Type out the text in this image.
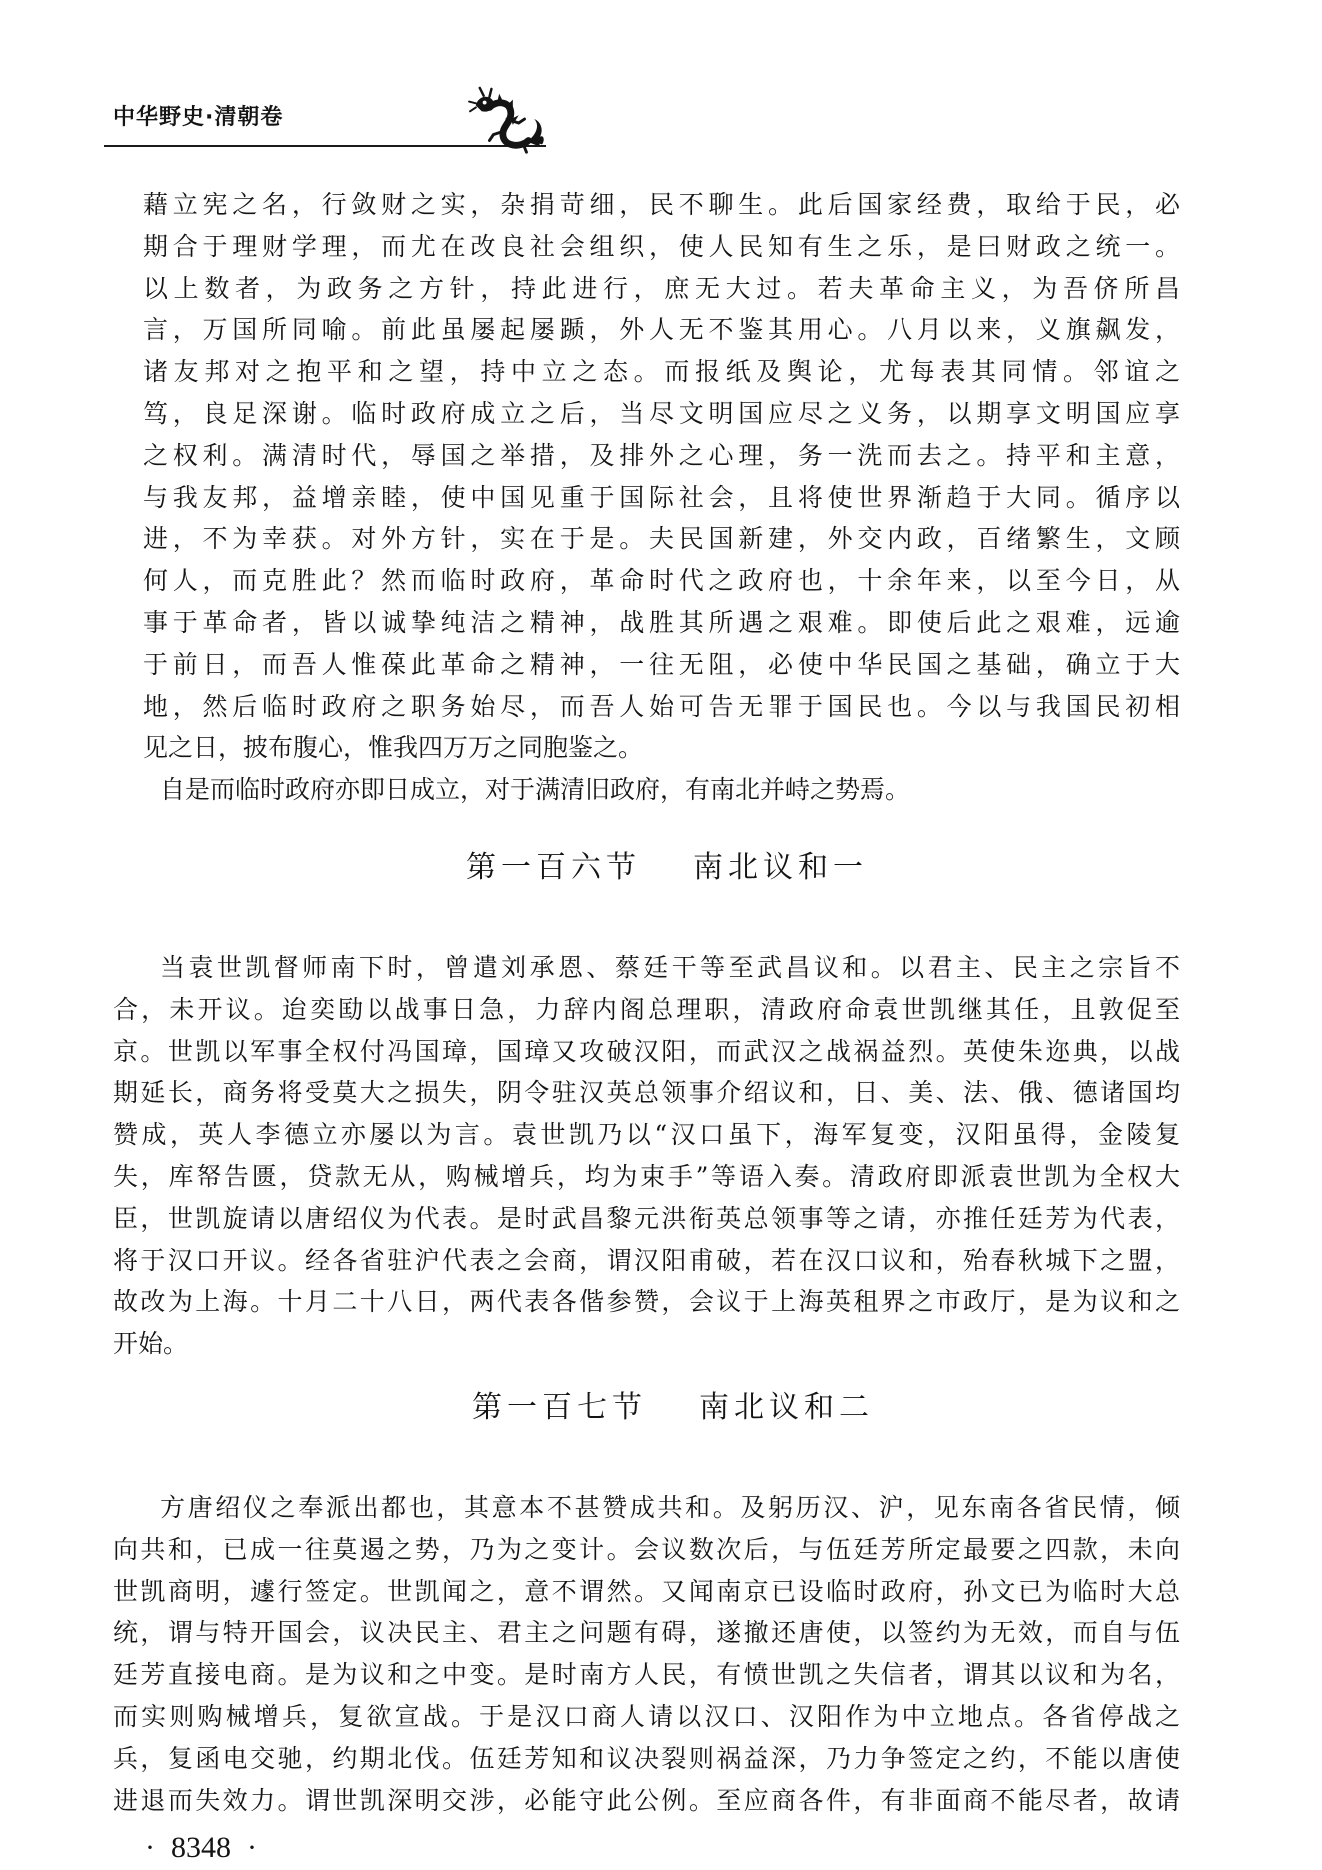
中华野史·清朝卷
藉立宪之名，行敛财之实，杂捐苛细，民不聊生。此后国家经费，取给于民，必
期合于理财学理，而尤在改良社会组织，使人民知有生之乐，是曰财政之统一。
以上数者，为政务之方针，持此进行，庶无大过。若夫革命主义，为吾侪所昌
言，万国所同喻。前此虽屡起屡踬，外人无不鉴其用心。八月以来，义旗飙发，
诸友邦对之抱平和之望，持中立之态。而报纸及舆论，尤每表其同情。邻谊之
笃，良足深谢。临时政府成立之后，当尽文明国应尽之义务，以期享文明国应享
之权利。满清时代，辱国之举措，及排外之心理，务一洗而去之。持平和主意，
与我友邦，益增亲睦，使中国见重于国际社会，且将使世界渐趋于大同。循序以
进，不为幸获。对外方针，实在于是。夫民国新建，外交内政，百绪繁生，文顾
何人，而克胜此？然而临时政府，革命时代之政府也，十余年来，以至今日，从
事于革命者，皆以诚挚纯洁之精神，战胜其所遇之艰难。即使后此之艰难，远逾
于前日，而吾人惟葆此革命之精神，一往无阻，必使中华民国之基础，确立于大
地，然后临时政府之职务始尽，而吾人始可告无罪于国民也。今以与我国民初相
见之日，披布腹心，惟我四万万之同胞鉴之。
自是而临时政府亦即日成立，对于满清旧政府，有南北并峙之势焉。
第一百六节 南北议和一
当袁世凯督师南下时，曾遣刘承恩、蔡廷干等至武昌议和。以君主、民主之宗旨不
合，未开议。迨奕劻以战事日急，力辞内阁总理职，清政府命袁世凯继其任，且敦促至
京。世凯以军事全权付冯国璋，国璋又攻破汉阳，而武汉之战祸益烈。英使朱迩典，以战
期延长，商务将受莫大之损失，阴令驻汉英总领事介绍议和，日、美、法、俄、德诸国均
赞成，英人李德立亦屡以为言。袁世凯乃以“汉口虽下，海军复变，汉阳虽得，金陵复
失，库帑告匮，贷款无从，购械增兵，均为束手”等语入奏。清政府即派袁世凯为全权大
臣，世凯旋请以唐绍仪为代表。是时武昌黎元洪衔英总领事等之请，亦推任廷芳为代表，
将于汉口开议。经各省驻沪代表之会商，谓汉阳甫破，若在汉口议和，殆春秋城下之盟，
故改为上海。十月二十八日，两代表各偕参赞，会议于上海英租界之市政厅，是为议和之
开始。
第一百七节 南北议和二
方唐绍仪之奉派出都也，其意本不甚赞成共和。及躬历汉、沪，见东南各省民情，倾
向共和，已成一往莫遏之势，乃为之变计。会议数次后，与伍廷芳所定最要之四款，未向
世凯商明，遽行签定。世凯闻之，意不谓然。又闻南京已设临时政府，孙文已为临时大总
统，谓与特开国会，议决民主、君主之问题有碍，遂撤还唐使，以签约为无效，而自与伍
廷芳直接电商。是为议和之中变。是时南方人民，有愤世凯之失信者，谓其以议和为名，
而实则购械增兵，复欲宣战。于是汉口商人请以汉口、汉阳作为中立地点。各省停战之
兵，复函电交驰，约期北伐。伍廷芳知和议决裂则祸益深，乃力争签定之约，不能以唐使
进退而失效力。谓世凯深明交涉，必能守此公例。至应商各件，有非面商不能尽者，故请
· 8348 ·
